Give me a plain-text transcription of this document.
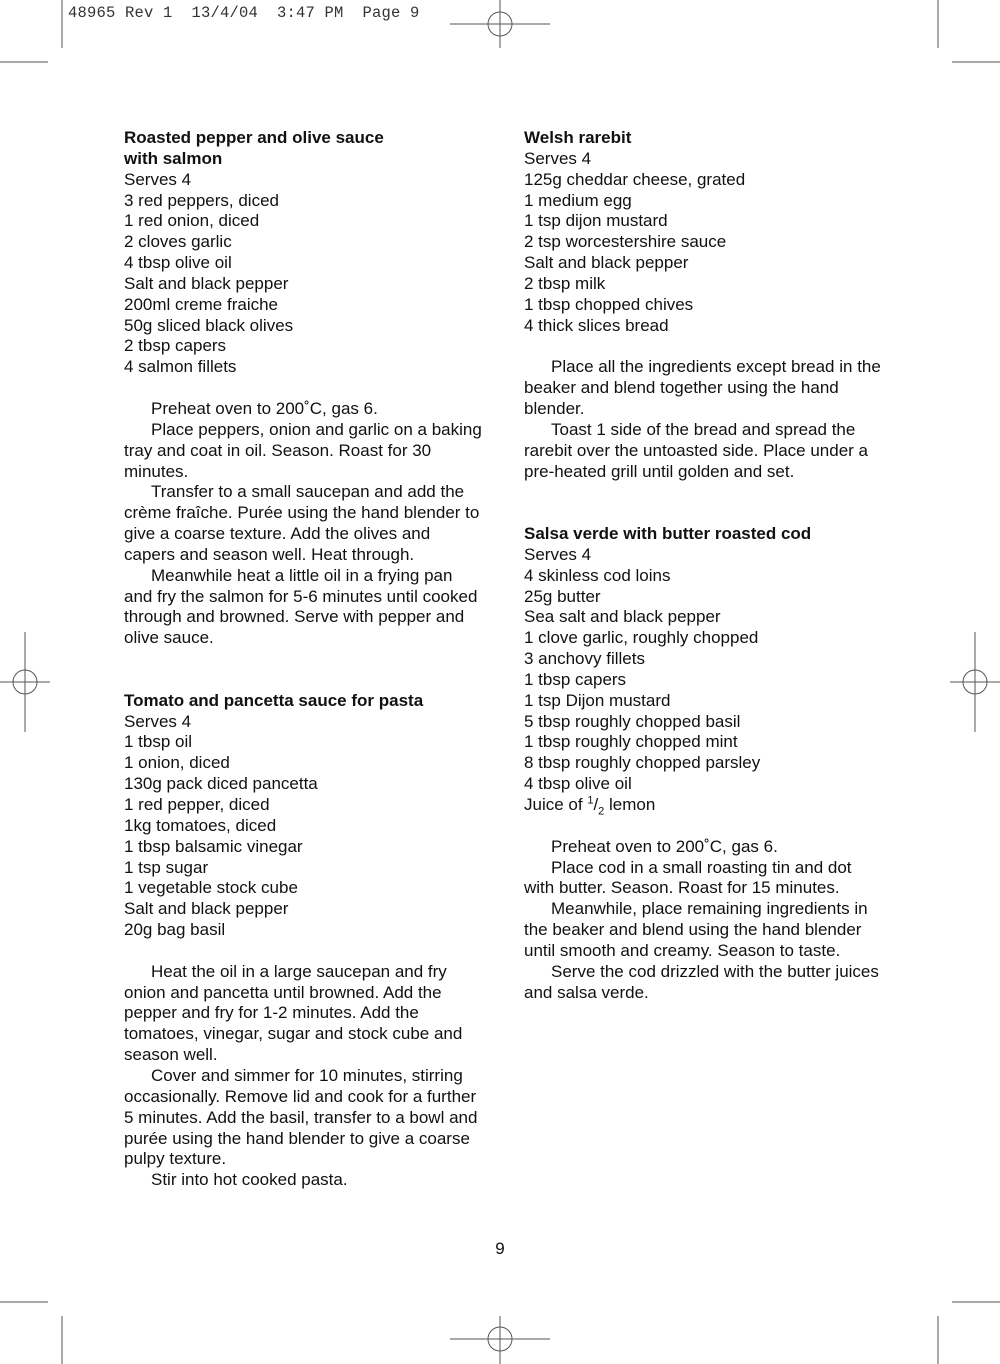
48965 Rev 1  13/4/04  3:47 PM  Page 9
Roasted pepper and olive sauce
with salmon
Serves 4
3 red peppers, diced
1 red onion, diced
2 cloves garlic
4 tbsp olive oil
Salt and black pepper
200ml creme fraiche
50g sliced black olives
2 tbsp capers
4 salmon fillets
Preheat oven to 200˚C, gas 6.
Place peppers, onion and garlic on a baking tray and coat in oil. Season. Roast for 30 minutes.
Transfer to a small saucepan and add the crème fraîche. Purée using the hand blender to give a coarse texture. Add the olives and capers and season well. Heat through.
Meanwhile heat a little oil in a frying pan and fry the salmon for 5-6 minutes until cooked through and browned. Serve with pepper and olive sauce.
Tomato and pancetta sauce for pasta
Serves 4
1 tbsp oil
1 onion, diced
130g pack diced pancetta
1 red pepper, diced
1kg tomatoes, diced
1 tbsp balsamic vinegar
1 tsp sugar
1 vegetable stock cube
Salt and black pepper
20g bag basil
Heat the oil in a large saucepan and fry onion and pancetta until browned. Add the pepper and fry for 1-2 minutes. Add the tomatoes, vinegar, sugar and stock cube and season well.
Cover and simmer for 10 minutes, stirring occasionally. Remove lid and cook for a further 5 minutes. Add the basil, transfer to a bowl and purée using the hand blender to give a coarse pulpy texture.
Stir into hot cooked pasta.
Welsh rarebit
Serves 4
125g cheddar cheese, grated
1 medium egg
1 tsp dijon mustard
2 tsp worcestershire sauce
Salt and black pepper
2 tbsp milk
1 tbsp chopped chives
4 thick slices bread
Place all the ingredients except bread in the beaker and blend together using the hand blender.
Toast 1 side of the bread and spread the rarebit over the untoasted side. Place under a pre-heated grill until golden and set.
Salsa verde with butter roasted cod
Serves 4
4 skinless cod loins
25g butter
Sea salt and black pepper
1 clove garlic, roughly chopped
3 anchovy fillets
1 tbsp capers
1 tsp Dijon mustard
5 tbsp roughly chopped basil
1 tbsp roughly chopped mint
8 tbsp roughly chopped parsley
4 tbsp olive oil
Juice of $^1/_2$ lemon
Preheat oven to 200˚C, gas 6.
Place cod in a small roasting tin and dot with butter. Season. Roast for 15 minutes.
Meanwhile, place remaining ingredients in the beaker and blend using the hand blender until smooth and creamy. Season to taste.
Serve the cod drizzled with the butter juices and salsa verde.
9
